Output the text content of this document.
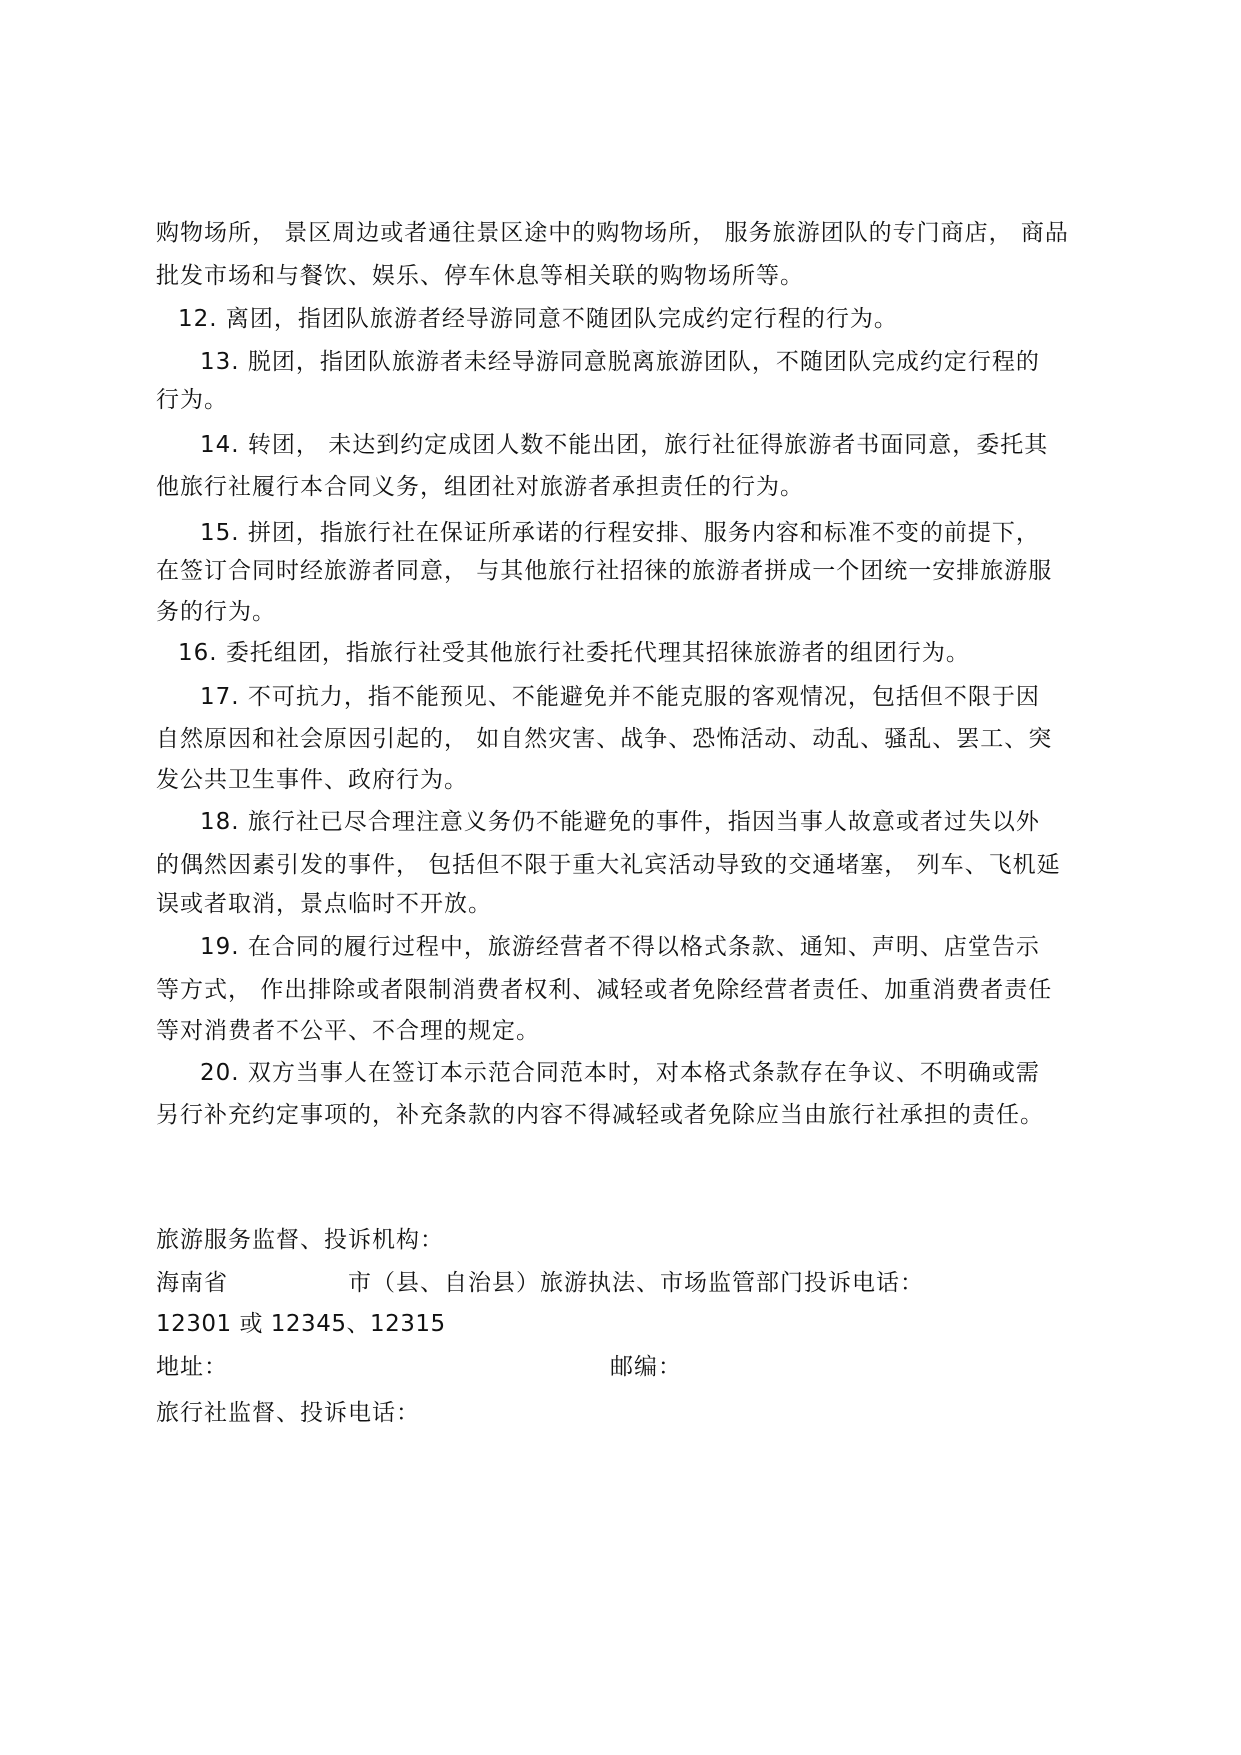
购物场所， 景区周边或者通往景区途中的购物场所， 服务旅游团队的专门商店， 商品
批发市场和与餐饮、娱乐、停车休息等相关联的购物场所等。
12. 离团，指团队旅游者经导游同意不随团队完成约定行程的行为。
13. 脱团，指团队旅游者未经导游同意脱离旅游团队，不随团队完成约定行程的
行为。
14. 转团， 未达到约定成团人数不能出团，旅行社征得旅游者书面同意，委托其
他旅行社履行本合同义务，组团社对旅游者承担责任的行为。
15. 拼团，指旅行社在保证所承诺的行程安排、服务内容和标准不变的前提下，
在签订合同时经旅游者同意， 与其他旅行社招徕的旅游者拼成一个团统一安排旅游服
务的行为。
16. 委托组团，指旅行社受其他旅行社委托代理其招徕旅游者的组团行为。
17. 不可抗力，指不能预见、不能避免并不能克服的客观情况，包括但不限于因
自然原因和社会原因引起的， 如自然灾害、战争、恐怖活动、动乱、骚乱、罢工、突
发公共卫生事件、政府行为。
18. 旅行社已尽合理注意义务仍不能避免的事件，指因当事人故意或者过失以外
的偶然因素引发的事件， 包括但不限于重大礼宾活动导致的交通堵塞， 列车、飞机延
误或者取消，景点临时不开放。
19. 在合同的履行过程中，旅游经营者不得以格式条款、通知、声明、店堂告示
等方式， 作出排除或者限制消费者权利、减轻或者免除经营者责任、加重消费者责任
等对消费者不公平、不合理的规定。
20. 双方当事人在签订本示范合同范本时，对本格式条款存在争议、不明确或需
另行补充约定事项的，补充条款的内容不得减轻或者免除应当由旅行社承担的责任。
旅游服务监督、投诉机构：
海南省	市（县、自治县）旅游执法、市场监管部门投诉电话：
12301 或 12345、12315
地址：	邮编：
旅行社监督、投诉电话：
